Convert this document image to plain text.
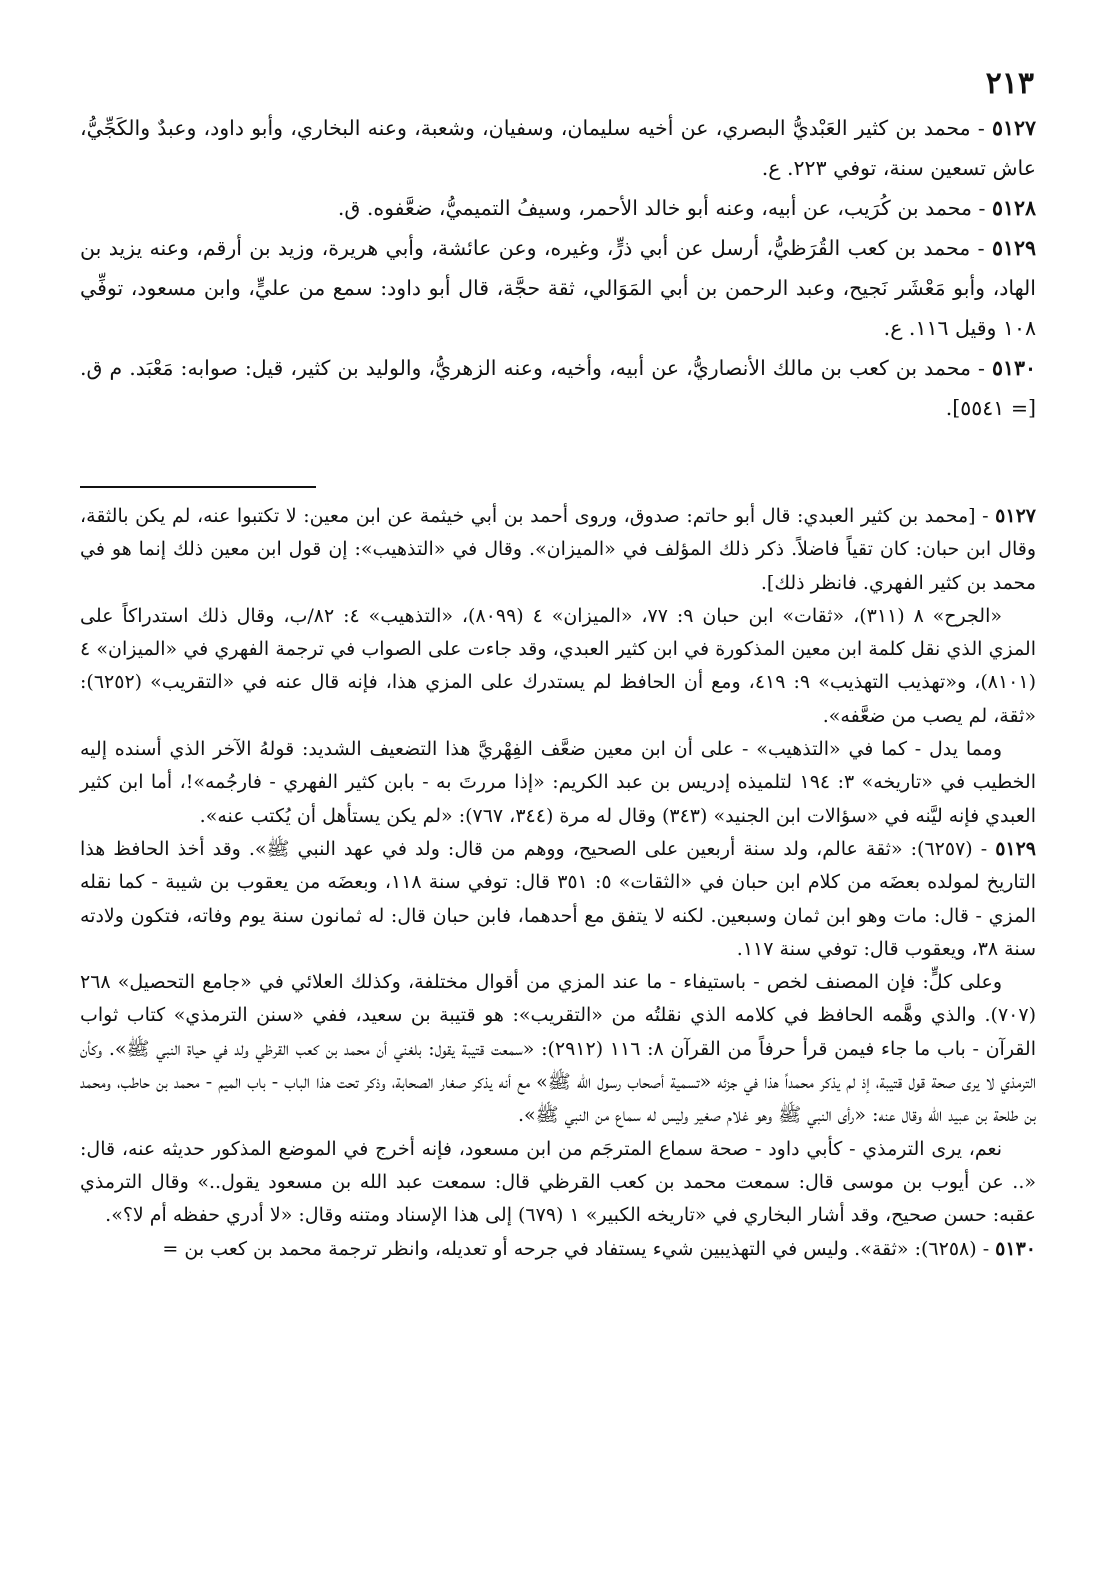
٢١٣

٥١٢٧ - محمد بن كثير العَبْديُّ البصري، عن أخيه سليمان، وسفيان، وشعبة، وعنه البخاري، وأبو داود، وعبدٌ والكَجِّيُّ، عاش تسعين سنة، توفي ٢٢٣. ع.

٥١٢٨ - محمد بن كُرَيب، عن أبيه، وعنه أبو خالد الأحمر، وسيفُ التميميُّ، ضعَّفوه. ق.

٥١٢٩ - محمد بن كعب القُرَظيُّ، أرسل عن أبي ذرٍّ، وغيره، وعن عائشة، وأبي هريرة، وزيد بن أرقم، وعنه يزيد بن الهاد، وأبو مَعْشَر نَجيح، وعبد الرحمن بن أبي المَوَالي، ثقة حجَّة، قال أبو داود: سمع من عليٍّ، وابن مسعود، توفِّي ١٠٨ وقيل ١١٦. ع.

٥١٣٠ - محمد بن كعب بن مالك الأنصاريُّ، عن أبيه، وأخيه، وعنه الزهريُّ، والوليد بن كثير، قيل: صوابه: مَعْبَد. م ق. [= ٥٥٤١].

٥١٢٧ - [محمد بن كثير العبدي: قال أبو حاتم: صدوق، وروى أحمد بن أبي خيثمة عن ابن معين: لا تكتبوا عنه، لم يكن بالثقة، وقال ابن حبان: كان تقياً فاضلاً. ذكر ذلك المؤلف في «الميزان». وقال في «التذهيب»: إن قول ابن معين ذلك إنما هو في محمد بن كثير الفهري. فانظر ذلك].

«الجرح» ٨ (٣١١)، «ثقات» ابن حبان ٩: ٧٧، «الميزان» ٤ (٨٠٩٩)، «التذهيب» ٤: ٨٢/ب، وقال ذلك استدراكاً على المزي الذي نقل كلمة ابن معين المذكورة في ابن كثير العبدي، وقد جاءت على الصواب في ترجمة الفهري في «الميزان» ٤ (٨١٠١)، و«تهذيب التهذيب» ٩: ٤١٩، ومع أن الحافظ لم يستدرك على المزي هذا، فإنه قال عنه في «التقريب» (٦٢٥٢): «ثقة، لم يصب من ضعَّفه».

ومما يدل - كما في «التذهيب» - على أن ابن معين ضعَّف الفِهْريَّ هذا التضعيف الشديد: قولهُ الآخر الذي أسنده إليه الخطيب في «تاريخه» ٣: ١٩٤ لتلميذه إدريس بن عبد الكريم: «إذا مررتَ به - بابن كثير الفهري - فارجُمه»!، أما ابن كثير العبدي فإنه ليَّنه في «سؤالات ابن الجنيد» (٣٤٣) وقال له مرة (٣٤٤، ٧٦٧): «لم يكن يستأهل أن يُكتب عنه».

٥١٢٩ - (٦٢٥٧): «ثقة عالم، ولد سنة أربعين على الصحيح، ووهم من قال: ولد في عهد النبي ﷺ». وقد أخذ الحافظ هذا التاريخ لمولده بعضَه من كلام ابن حبان في «الثقات» ٥: ٣٥١ قال: توفي سنة ١١٨، وبعضَه من يعقوب بن شيبة - كما نقله المزي - قال: مات وهو ابن ثمان وسبعين. لكنه لا يتفق مع أحدهما، فابن حبان قال: له ثمانون سنة يوم وفاته، فتكون ولادته سنة ٣٨، ويعقوب قال: توفي سنة ١١٧.

وعلى كلٍّ: فإن المصنف لخص - باستيفاء - ما عند المزي من أقوال مختلفة، وكذلك العلائي في «جامع التحصيل» ٢٦٨ (٧٠٧). والذي وهَّمه الحافظ في كلامه الذي نقلتُه من «التقريب»: هو قتيبة بن سعيد، ففي «سنن الترمذي» كتاب ثواب القرآن - باب ما جاء فيمن قرأ حرفاً من القرآن ٨: ١١٦ (٢٩١٢): «سمعت قتيبة يقول: بلغني أن محمد بن كعب القرظي ولد في حياة النبي ﷺ». وكأن الترمذي لا يرى صحة قول قتيبة، إذ لم يذكر محمداً هذا في جزئه «تسمية أصحاب رسول الله ﷺ» مع أنه يذكر صغار الصحابة، وذكر تحت هذا الباب - باب الميم - محمد بن حاطب، ومحمد بن طلحة بن عبيد الله وقال عنه: «رأى النبي ﷺ وهو غلام صغير وليس له سماع من النبي ﷺ».

نعم، يرى الترمذي - كأبي داود - صحة سماع المترجَم من ابن مسعود، فإنه أخرج في الموضع المذكور حديثه عنه، قال: «.. عن أيوب بن موسى قال: سمعت محمد بن كعب القرظي قال: سمعت عبد الله بن مسعود يقول..» وقال الترمذي عقبه: حسن صحيح، وقد أشار البخاري في «تاريخه الكبير» ١ (٦٧٩) إلى هذا الإسناد ومتنه وقال: «لا أدري حفظه أم لا؟».

٥١٣٠ - (٦٢٥٨): «ثقة». وليس في التهذيبين شيء يستفاد في جرحه أو تعديله، وانظر ترجمة محمد بن كعب بن =
